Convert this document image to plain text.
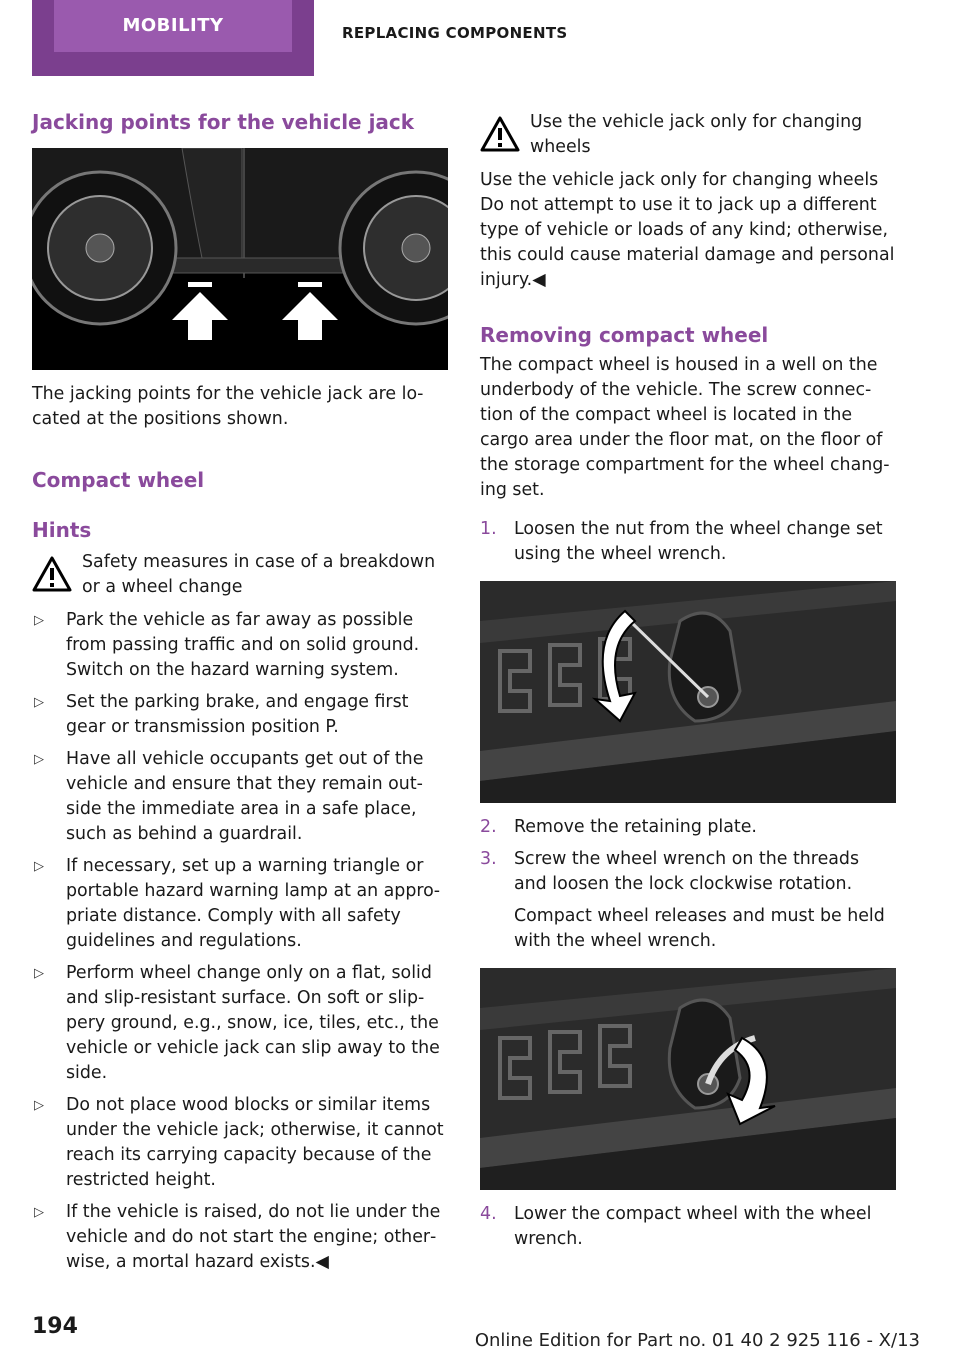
MOBILITY	REPLACING COMPONENTS
Jacking points for the vehicle jack

The jacking points for the vehicle jack are lo‐cated at the positions shown.

Compact wheel
Hints
Safety measures in case of a breakdown or a wheel change
▷ Park the vehicle as far away as possible from passing traffic and on solid ground. Switch on the hazard warning system.
▷ Set the parking brake, and engage first gear or transmission position P.
▷ Have all vehicle occupants get out of the vehicle and ensure that they remain out‐side the immediate area in a safe place, such as behind a guardrail.
▷ If necessary, set up a warning triangle or portable hazard warning lamp at an appro‐priate distance. Comply with all safety guidelines and regulations.
▷ Perform wheel change only on a flat, solid and slip-resistant surface. On soft or slip‐pery ground, e.g., snow, ice, tiles, etc., the vehicle or vehicle jack can slip away to the side.
▷ Do not place wood blocks or similar items under the vehicle jack; otherwise, it cannot reach its carrying capacity because of the restricted height.
▷ If the vehicle is raised, do not lie under the vehicle and do not start the engine; other‐wise, a mortal hazard exists.◀
Use the vehicle jack only for changing wheels

Use the vehicle jack only for changing wheels Do not attempt to use it to jack up a different type of vehicle or loads of any kind; otherwise, this could cause material damage and personal injury.◀

Removing compact wheel

The compact wheel is housed in a well on the underbody of the vehicle. The screw connec‐tion of the compact wheel is located in the cargo area under the floor mat, on the floor of the storage compartment for the wheel chang‐ing set.

1. Loosen the nut from the wheel change set using the wheel wrench.
2. Remove the retaining plate.
3. Screw the wheel wrench on the threads and loosen the lock clockwise rotation.
Compact wheel releases and must be held with the wheel wrench.
4. Lower the compact wheel with the wheel wrench.
194
Online Edition for Part no. 01 40 2 925 116 - X/13
